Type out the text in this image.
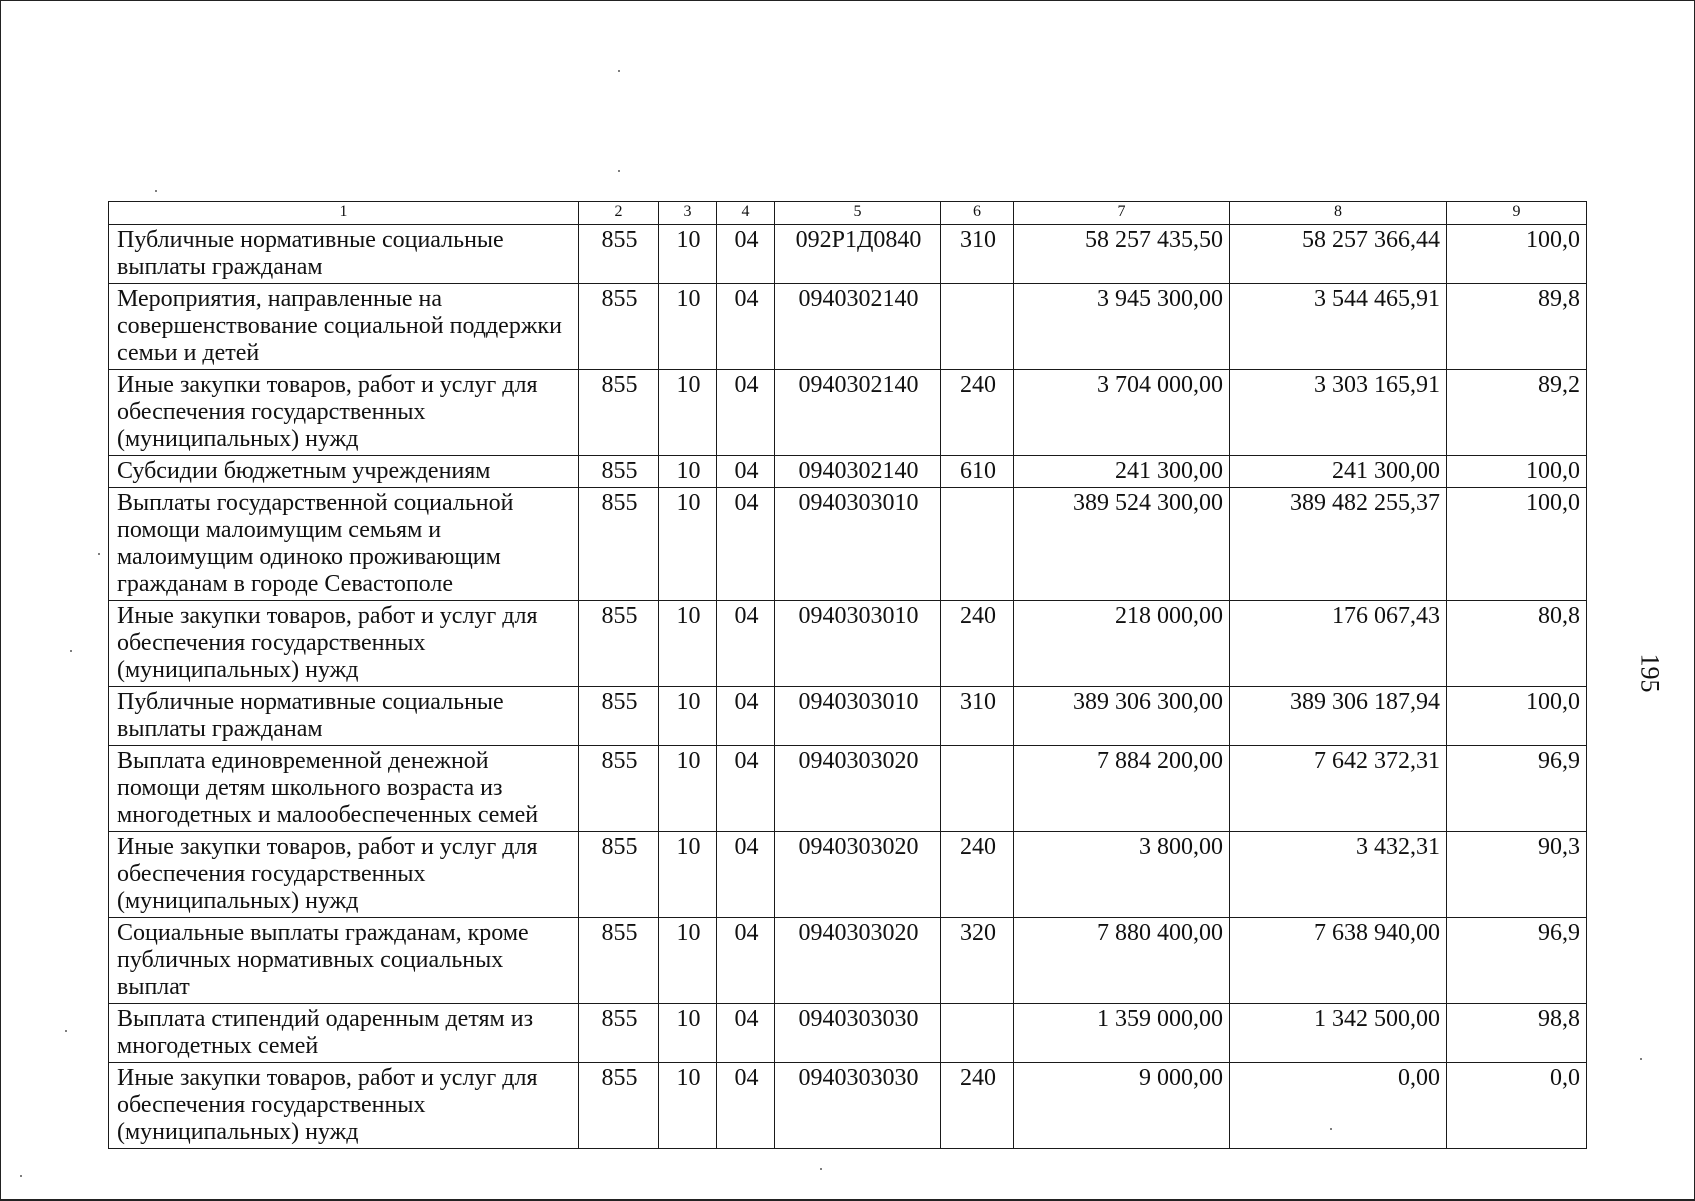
1	2	3	4	5	6	7	8	9
Публичные нормативные социальные выплаты гражданам	855	10	04	092Р1Д0840	310	58 257 435,50	58 257 366,44	100,0
Мероприятия, направленные на совершенствование социальной поддержки семьи и детей	855	10	04	0940302140		3 945 300,00	3 544 465,91	89,8
Иные закупки товаров, работ и услуг для обеспечения государственных (муниципальных) нужд	855	10	04	0940302140	240	3 704 000,00	3 303 165,91	89,2
Субсидии бюджетным учреждениям	855	10	04	0940302140	610	241 300,00	241 300,00	100,0
Выплаты государственной социальной помощи малоимущим семьям и малоимущим одиноко проживающим гражданам в городе Севастополе	855	10	04	0940303010		389 524 300,00	389 482 255,37	100,0
Иные закупки товаров, работ и услуг для обеспечения государственных (муниципальных) нужд	855	10	04	0940303010	240	218 000,00	176 067,43	80,8
Публичные нормативные социальные выплаты гражданам	855	10	04	0940303010	310	389 306 300,00	389 306 187,94	100,0
Выплата единовременной денежной помощи детям школьного возраста из многодетных и малообеспеченных семей	855	10	04	0940303020		7 884 200,00	7 642 372,31	96,9
Иные закупки товаров, работ и услуг для обеспечения государственных (муниципальных) нужд	855	10	04	0940303020	240	3 800,00	3 432,31	90,3
Социальные выплаты гражданам, кроме публичных нормативных социальных выплат	855	10	04	0940303020	320	7 880 400,00	7 638 940,00	96,9
Выплата стипендий одаренным детям из многодетных семей	855	10	04	0940303030		1 359 000,00	1 342 500,00	98,8
Иные закупки товаров, работ и услуг для обеспечения государственных (муниципальных) нужд	855	10	04	0940303030	240	9 000,00	0,00	0,0
195
